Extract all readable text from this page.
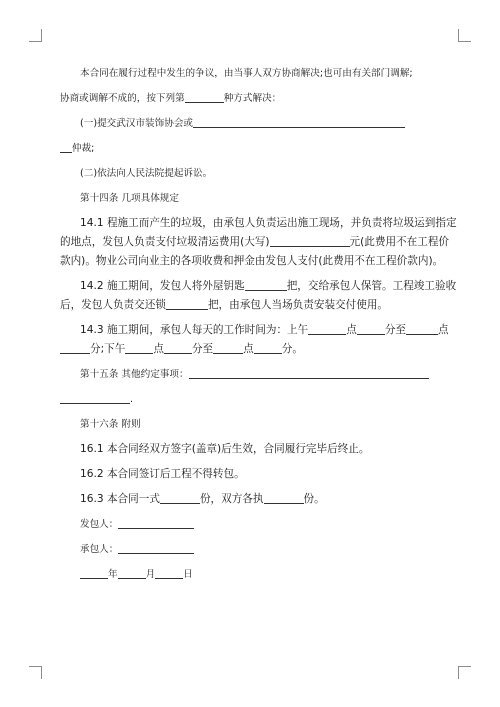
本合同在履行过程中发生的争议，由当事人双方协商解决;也可由有关部门调解;

协商或调解不成的，按下列第	种方式解决：

(一)提交武汉市装饰协会或

仲裁;

(二)依法向人民法院提起诉讼。

第十四条 几项具体规定

14.1 程施工而产生的垃圾，由承包人负责运出施工现场，并负责将垃圾运到指定

的地点，发包人负责支付垃圾清运费用(大写)	元(此费用不在工程价

款内)。物业公司向业主的各项收费和押金由发包人支付(此费用不在工程价款内)。

14.2 施工期间，发包人将外屋钥匙	把，交给承包人保管。工程竣工验收

后，发包人负责交还锁	把，由承包人当场负责安装交付使用。

14.3 施工期间，承包人每天的工作时间为：上午	点	分至	点

分;下午	点	分至	点	分。

第十五条 其他约定事项：

.

第十六条 附则

16.1 本合同经双方签字(盖章)后生效，合同履行完毕后终止。

16.2 本合同签订后工程不得转包。

16.3 本合同一式	份，双方各执	份。

发包人：

承包人：

年	月	日
